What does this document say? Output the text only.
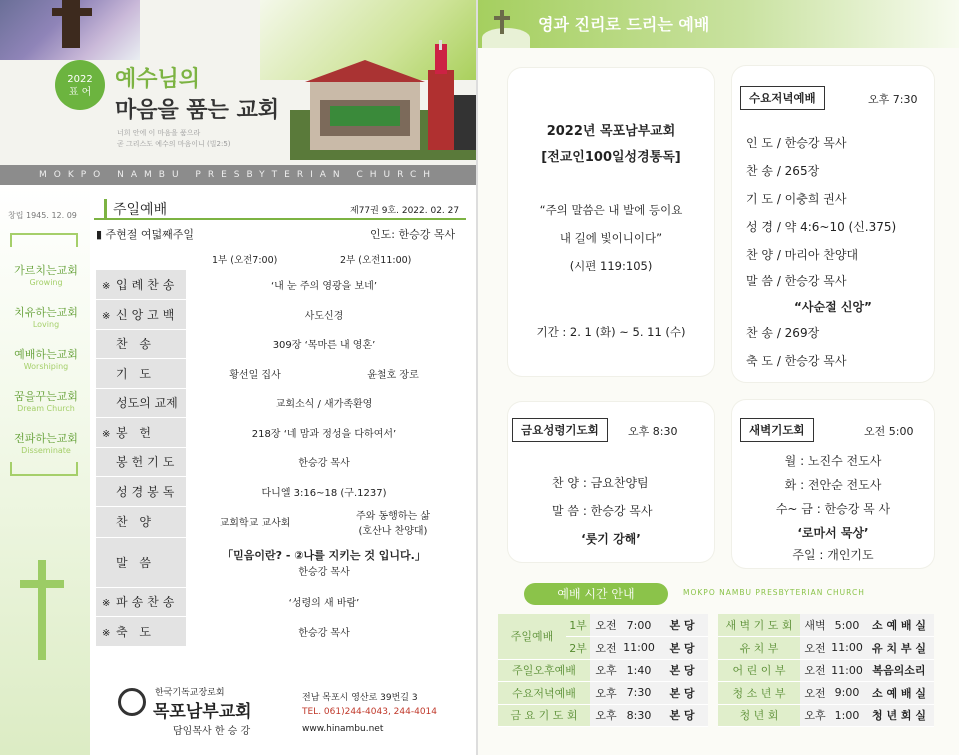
2022
표 어
예수님의
마음을 품는 교회
너희 안에 이 마음을 품으라
곧 그리스도 예수의 마음이니 (빌2:5)
MOKPO NAMBU PRESBYTERIAN CHURCH
창립 1945. 12. 09
가르치는교회
Growing
치유하는교회
Loving
예배하는교회
Worshiping
꿈을꾸는교회
Dream Church
전파하는교회
Disseminate
주일예배	제77권 9호. 2022. 02. 27
▮ 주현절 여덟째주일	인도: 한승강 목사
1부 (오전7:00)	2부 (오전11:00)
※ 입례찬송	‘내 눈 주의 영광을 보네’	
※ 신앙고백	사도신경	
찬 송	309장 ‘목마른 내 영혼’	
기 도	황선일 집사	윤철호 장로
성도의 교제	교회소식 / 새가족환영	
※ 봉 헌	218장 ‘네 맘과 정성을 다하여서’	
봉헌기도	한승강 목사	
성경봉독	다니엘 3:16~18 (구.1237)	
찬 양	교회학교 교사회	주와 동행하는 삶
(호산나 찬양대)

말 씀	「믿음이란? - ②나를 지키는 것 입니다.」
한승강 목사	

※ 파송찬송	‘성령의 새 바람’	
※ 축 도	한승강 목사	
한국기독교장로회
목포남부교회
담임목사 한 승 강
전남 목포시 영산로 39번길 3
TEL. 061)244-4043, 244-4014
www.hinambu.net
영과 진리로 드리는 예배
2022년 목포남부교회
[전교인100일성경통독]
“주의 말씀은 내 발에 등이요
내 길에 빛이니이다”
(시편 119:105)
기간 : 2. 1 (화) ~ 5. 11 (수)
수요저녁예배	오후 7:30
인 도 / 한승강 목사
찬 송 / 265장
기 도 / 이충희 권사
성 경 / 약 4:6~10 (신.375)
찬 양 / 마리아 찬양대
말 씀 / 한승강 목사
“사순절 신앙”
찬 송 / 269장
축 도 / 한승강 목사
금요성령기도회	오후 8:30
찬 양 : 금요찬양팀
말 씀 : 한승강 목사
‘룻기 강해’
새벽기도회	오전 5:00
월 : 노진수 전도사
화 : 전안순 전도사
수~ 금 : 한승강 목 사
‘로마서 묵상’
주일 : 개인기도
예배 시간 안내	MOKPO NAMBU PRESBYTERIAN CHURCH
주일예배	1부	오전	7:00	본 당
	2부	오전	11:00	본 당
주일오후예배		오후	1:40	본 당
수요저녁예배		오후	7:30	본 당
금 요 기 도 회		오후	8:30	본 당
새 벽 기 도 회	새벽	5:00	소 예 배 실
유 치 부	오전	11:00	유 치 부 실
어 린 이 부	오전	11:00	복음의소리
청 소 년 부	오전	9:00	소 예 배 실
청 년 회	오후	1:00	청 년 회 실
